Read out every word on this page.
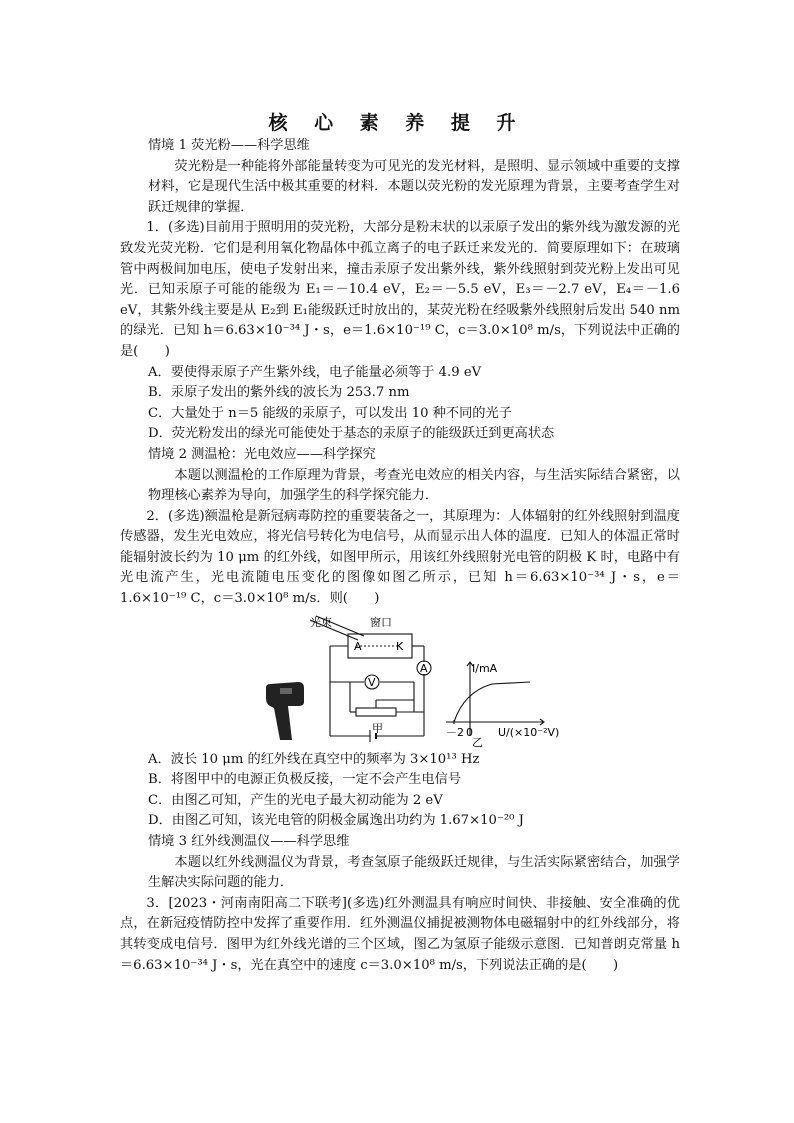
核 心 素 养 提 升

情境 1 荧光粉——科学思维

荧光粉是一种能将外部能量转变为可见光的发光材料，是照明、显示领域中重要的支撑材料，它是现代生活中极其重要的材料．本题以荧光粉的发光原理为背景，主要考查学生对跃迁规律的掌握．

1．(多选)目前用于照明用的荧光粉，大部分是粉末状的以汞原子发出的紫外线为激发源的光致发光荧光粉．它们是利用氧化物晶体中孤立离子的电子跃迁来发光的．简要原理如下：在玻璃管中两极间加电压，使电子发射出来，撞击汞原子发出紫外线，紫外线照射到荧光粉上发出可见光．已知汞原子可能的能级为 E₁＝－10.4 eV，E₂＝－5.5 eV，E₃＝－2.7 eV，E₄＝－1.6 eV，其紫外线主要是从 E₂到 E₁能级跃迁时放出的，某荧光粉在经吸紫外线照射后发出 540 nm 的绿光．已知 h＝6.63×10⁻³⁴ J・s，e＝1.6×10⁻¹⁹ C，c＝3.0×10⁸ m/s，下列说法中正确的是(　　)

A．要使得汞原子产生紫外线，电子能量必须等于 4.9 eV

B．汞原子发出的紫外线的波长为 253.7 nm

C．大量处于 n＝5 能级的汞原子，可以发出 10 种不同的光子

D．荧光粉发出的绿光可能使处于基态的汞原子的能级跃迁到更高状态

情境 2 测温枪：光电效应——科学探究

本题以测温枪的工作原理为背景，考查光电效应的相关内容，与生活实际结合紧密，以物理核心素养为导向，加强学生的科学探究能力．

2．(多选)额温枪是新冠病毒防控的重要装备之一，其原理为：人体辐射的红外线照射到温度传感器，发生光电效应，将光信号转化为电信号，从而显示出人体的温度．已知人的体温正常时能辐射波长约为 10 μm 的红外线，如图甲所示，用该红外线照射光电管的阴极 K 时，电路中有光电流产生，光电流随电压变化的图像如图乙所示，已知 h＝6.63×10⁻³⁴ J・s，e＝1.6×10⁻¹⁹ C，c＝3.0×10⁸ m/s．则(　　)

光束	窗口
A	K
A
V
甲
I/mA
－2 0 U/(×10⁻²V)
乙

A．波长 10 μm 的红外线在真空中的频率为 3×10¹³ Hz

B．将图甲中的电源正负极反接，一定不会产生电信号

C．由图乙可知，产生的光电子最大初动能为 2 eV

D．由图乙可知，该光电管的阴极金属逸出功约为 1.67×10⁻²⁰ J

情境 3 红外线测温仪——科学思维

本题以红外线测温仪为背景，考查氢原子能级跃迁规律，与生活实际紧密结合，加强学生解决实际问题的能力．

3．[2023・河南南阳高二下联考](多选)红外测温具有响应时间快、非接触、安全准确的优点，在新冠疫情防控中发挥了重要作用．红外测温仪捕捉被测物体电磁辐射中的红外线部分，将其转变成电信号．图甲为红外线光谱的三个区域，图乙为氢原子能级示意图．已知普朗克常量 h＝6.63×10⁻³⁴ J・s，光在真空中的速度 c＝3.0×10⁸ m/s，下列说法正确的是(　　)
